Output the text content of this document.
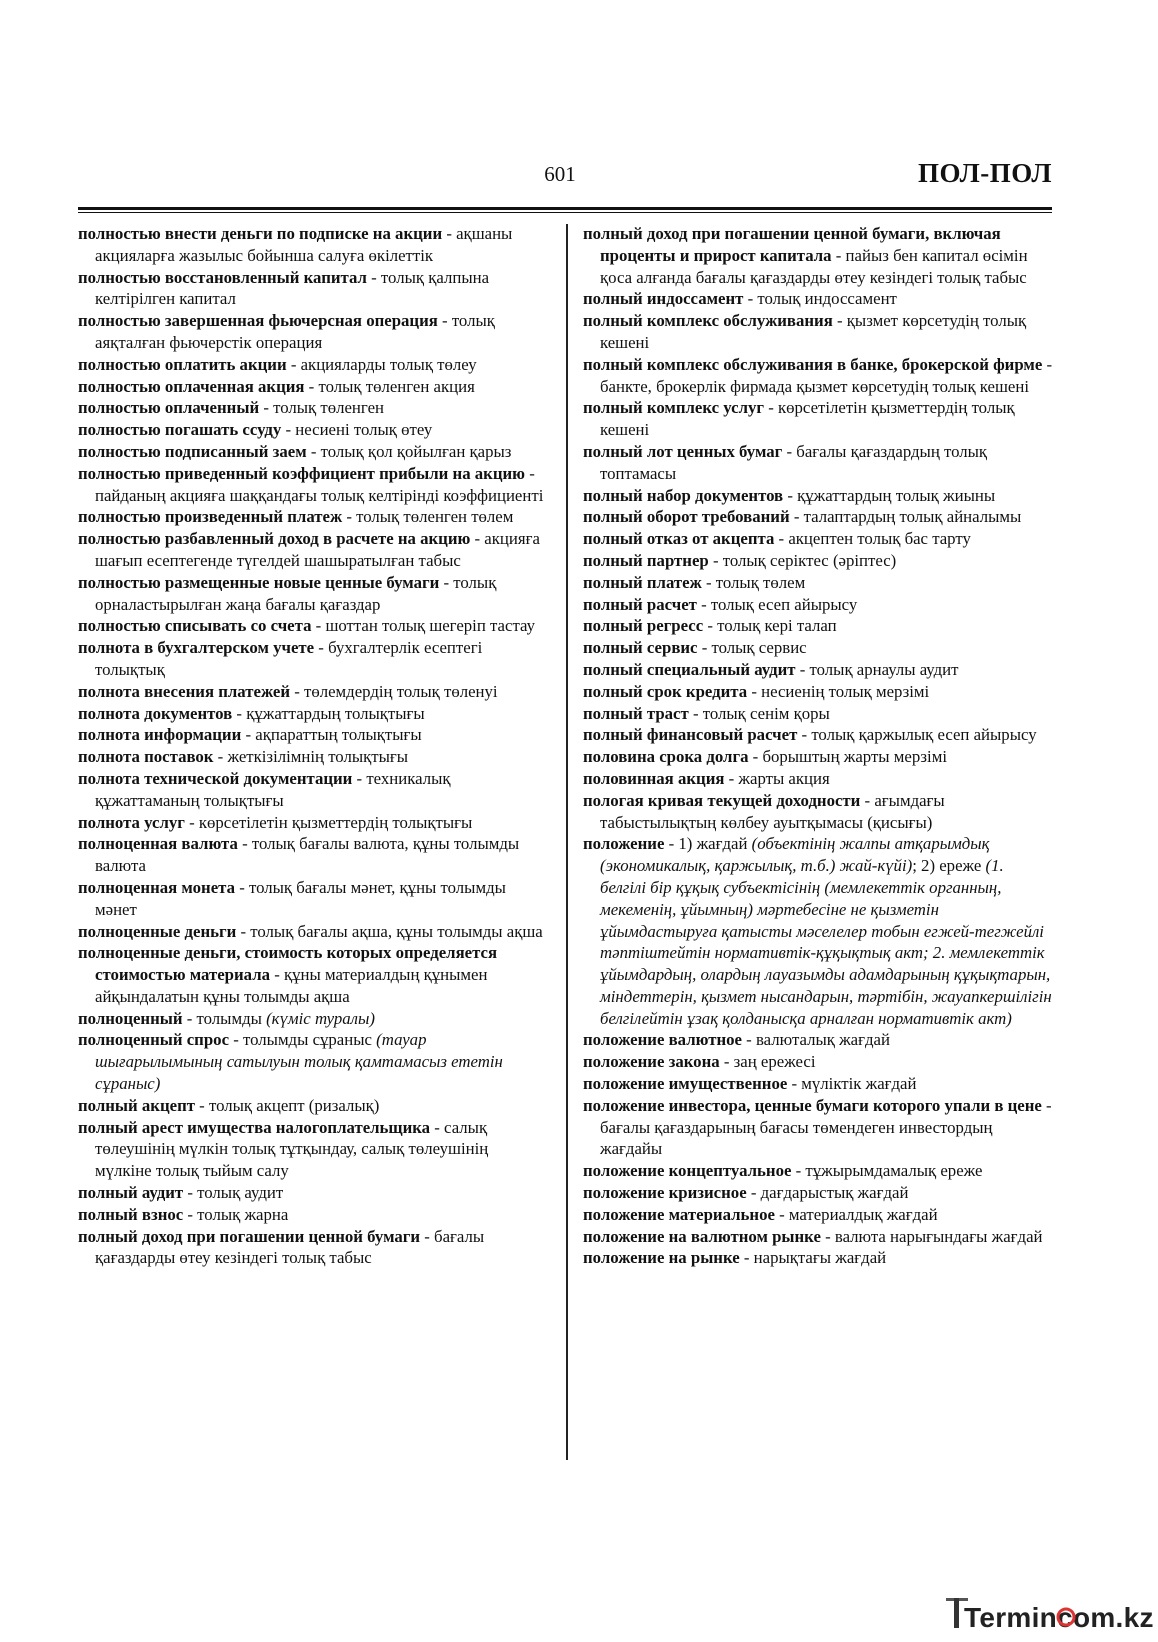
601	ПОЛ-ПОЛ

полностью внести деньги по подписке на акции - ақшаны акцияларға жазылыс бойынша салуға өкілеттік

полностью восстановленный капитал - толық қалпына келтірілген капитал

полностью завершенная фьючерсная операция - толық аяқталған фьючерстік операция

полностью оплатить акции - акцияларды толық төлеу

полностью оплаченная акция - толық төленген акция

полностью оплаченный - толық төленген

полностью погашать ссуду - несиені толық өтеу

полностью подписанный заем - толық қол қойылған қарыз

полностью приведенный коэффициент прибыли на акцию - пайданың акцияға шаққандағы толық келтірінді коэффициенті

полностью произведенный платеж - толық төленген төлем

полностью разбавленный доход в расчете на акцию - акцияға шағып есептегенде түгелдей шашыратылған табыс

полностью размещенные новые ценные бумаги - толық орналастырылған жаңа бағалы қағаздар

полностью списывать со счета - шоттан толық шегеріп тастау

полнота в бухгалтерском учете - бухгалтерлік есептегі толықтық

полнота внесения платежей - төлемдердің толық төленуі

полнота документов - құжаттардың толықтығы

полнота информации - ақпараттың толықтығы

полнота поставок - жеткізілімнің толықтығы

полнота технической документации - техникалық құжаттаманың толықтығы

полнота услуг - көрсетілетін қызметтердің толықтығы

полноценная валюта - толық бағалы валюта, құны толымды валюта

полноценная монета - толық бағалы мәнет, құны толымды мәнет

полноценные деньги - толық бағалы ақша, құны толымды ақша

полноценные деньги, стоимость которых определяется стоимостью материала - құны материалдың құнымен айқындалатын құны толымды ақша

полноценный - толымды (күміс туралы)

полноценный спрос - толымды сұраныс (тауар шығарылымының сатылуын толық қамтамасыз ететін сұраныс)

полный акцепт - толық акцепт (ризалық)

полный арест имущества налогоплательщика - салық төлеушінің мүлкін толық тұтқындау, салық төлеушінің мүлкіне толық тыйым салу

полный аудит - толық аудит

полный взнос - толық жарна

полный доход при погашении ценной бумаги - бағалы қағаздарды өтеу кезіндегі толық табыс

полный доход при погашении ценной бумаги, включая проценты и прирост капитала - пайыз бен капитал өсімін қоса алғанда бағалы қағаздарды өтеу кезіндегі толық табыс

полный индоссамент - толық индоссамент

полный комплекс обслуживания - қызмет көрсетудің толық кешені

полный комплекс обслуживания в банке, брокерской фирме - банкте, брокерлік фирмада қызмет көрсетудің толық кешені

полный комплекс услуг - көрсетілетін қызметтердің толық кешені

полный лот ценных бумаг - бағалы қағаздардың толық топтамасы

полный набор документов - құжаттардың толық жиыны

полный оборот требований - талаптардың толық айналымы

полный отказ от акцепта - акцептен толық бас тарту

полный партнер - толық серіктес (әріптес)

полный платеж - толық төлем

полный расчет - толық есеп айырысу

полный регресс - толық кері талап

полный сервис - толық сервис

полный специальный аудит - толық арнаулы аудит

полный срок кредита - несиенің толық мерзімі

полный траст - толық сенім қоры

полный финансовый расчет - толық қаржылық есеп айырысу

половина срока долга - борыштың жарты мерзімі

половинная акция - жарты акция

пологая кривая текущей доходности - ағымдағы табыстылықтың көлбеу ауытқымасы (қисығы)

положение - 1) жағдай (объектінің жалпы атқарымдық (экономикалық, қаржылық, т.б.) жай-күйі); 2) ереже (1. белгілі бір құқық субъектісінің (мемлекеттік органның, мекеменің, ұйымның) мәртебесіне не қызметін ұйымдастыруға қатысты мәселелер тобын егжей-тегжейлі тәптіштейтін нормативтік-құқықтық акт; 2. мемлекеттік ұйымдардың, олардың лауазымды адамдарының құқықтарын, міндеттерін, қызмет нысандарын, тәртібін, жауапкершілігін белгілейтін ұзақ қолданысқа арналған нормативтік акт)

положение валютное - валюталық жағдай

положение закона - заң ережесі

положение имущественное - мүліктік жағдай

положение инвестора, ценные бумаги которого упали в цене - бағалы қағаздарының бағасы төмендеген инвестордың жағдайы

положение концептуальное - тұжырымдамалық ереже

положение кризисное - дағдарыстық жағдай

положение материальное - материалдық жағдай

положение на валютном рынке - валюта нарығындағы жағдай

положение на рынке - нарықтағы жағдай

Termincom.kz
